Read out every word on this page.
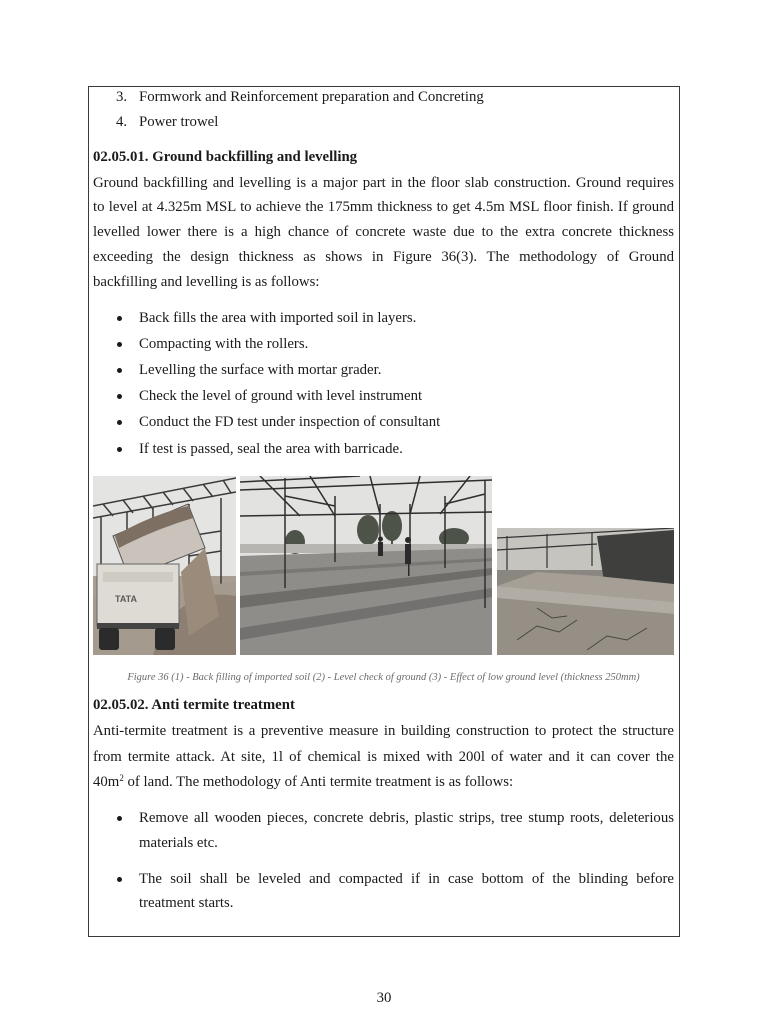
3. Formwork and Reinforcement preparation and Concreting
4. Power trowel
02.05.01. Ground backfilling and levelling
Ground backfilling and levelling is a major part in the floor slab construction. Ground requires
to level at 4.325m MSL to achieve the 175mm thickness to get 4.5m MSL floor finish. If ground
levelled lower there is a high chance of concrete waste due to the extra concrete thickness
exceeding the design thickness as shows in Figure 36(3). The methodology of Ground
backfilling and levelling is as follows:
Back fills the area with imported soil in layers.
Compacting with the rollers.
Levelling the surface with mortar grader.
Check the level of ground with level instrument
Conduct the FD test under inspection of consultant
If test is passed, seal the area with barricade.
TATA
Figure 36 (1) - Back filling of imported soil (2) - Level check of ground (3) - Effect of low ground level (thickness 250mm)
02.05.02. Anti termite treatment
Anti-termite treatment is a preventive measure in building construction to protect the structure
from termite attack. At site, 1l of chemical is mixed with 200l of water and it can cover the
$40m^2$ of land. The methodology of Anti termite treatment is as follows:
Remove all wooden pieces, concrete debris, plastic strips, tree stump roots, deleterious
materials etc.
The soil shall be leveled and compacted if in case bottom of the blinding before
treatment starts.
30
